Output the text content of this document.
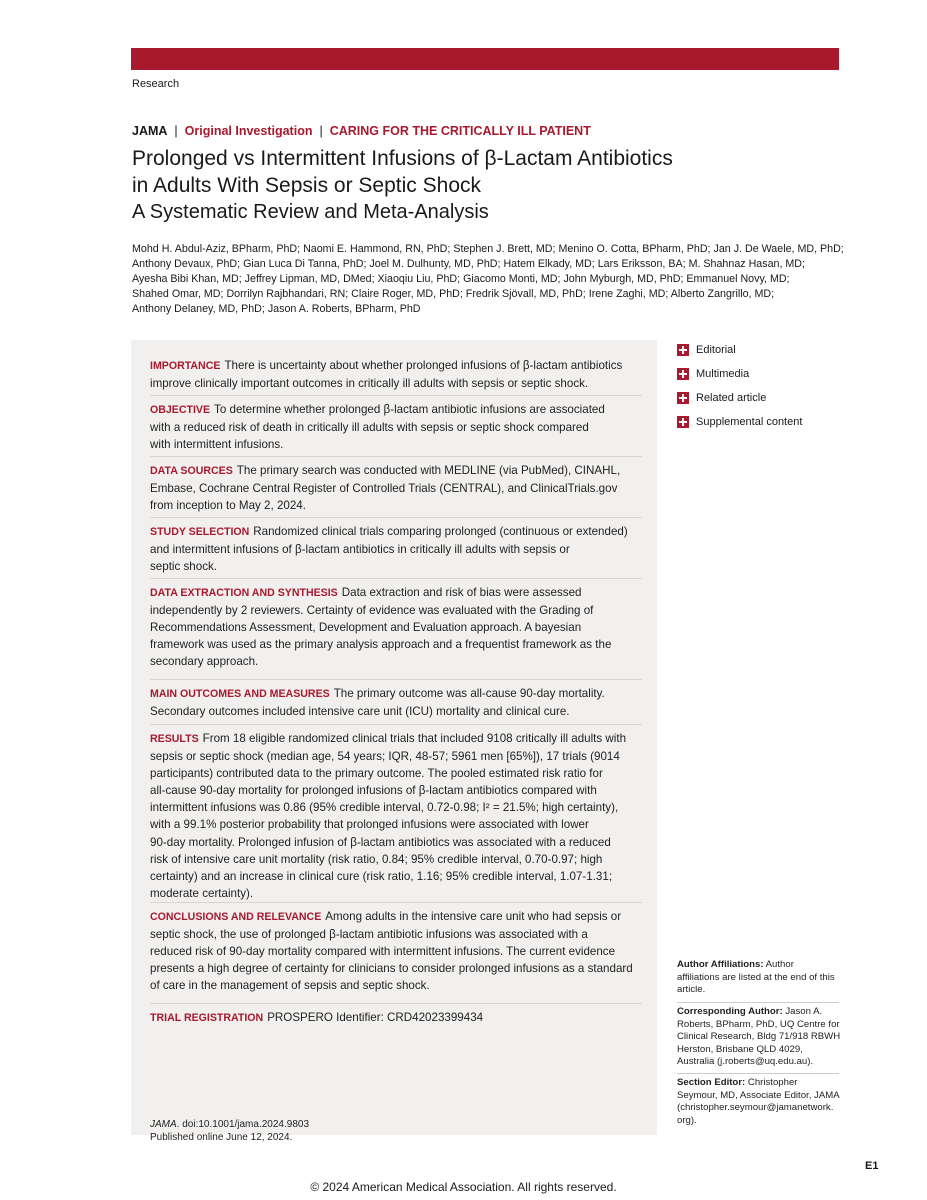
Research
JAMA | Original Investigation | CARING FOR THE CRITICALLY ILL PATIENT
Prolonged vs Intermittent Infusions of β-Lactam Antibiotics
in Adults With Sepsis or Septic Shock
A Systematic Review and Meta-Analysis
Mohd H. Abdul-Aziz, BPharm, PhD; Naomi E. Hammond, RN, PhD; Stephen J. Brett, MD; Menino O. Cotta, BPharm, PhD; Jan J. De Waele, MD, PhD;
Anthony Devaux, PhD; Gian Luca Di Tanna, PhD; Joel M. Dulhunty, MD, PhD; Hatem Elkady, MD; Lars Eriksson, BA; M. Shahnaz Hasan, MD;
Ayesha Bibi Khan, MD; Jeffrey Lipman, MD, DMed; Xiaoqiu Liu, PhD; Giacomo Monti, MD; John Myburgh, MD, PhD; Emmanuel Novy, MD;
Shahed Omar, MD; Dorrilyn Rajbhandari, RN; Claire Roger, MD, PhD; Fredrik Sjövall, MD, PhD; Irene Zaghi, MD; Alberto Zangrillo, MD;
Anthony Delaney, MD, PhD; Jason A. Roberts, BPharm, PhD
JAMA. doi:10.1001/jama.2024.9803
Published online June 12, 2024.
IMPORTANCE There is uncertainty about whether prolonged infusions of β-lactam antibiotics
improve clinically important outcomes in critically ill adults with sepsis or septic shock.
OBJECTIVE To determine whether prolonged β-lactam antibiotic infusions are associated
with a reduced risk of death in critically ill adults with sepsis or septic shock compared
with intermittent infusions.
DATA SOURCES The primary search was conducted with MEDLINE (via PubMed), CINAHL,
Embase, Cochrane Central Register of Controlled Trials (CENTRAL), and ClinicalTrials.gov
from inception to May 2, 2024.
STUDY SELECTION Randomized clinical trials comparing prolonged (continuous or extended)
and intermittent infusions of β-lactam antibiotics in critically ill adults with sepsis or
septic shock.
DATA EXTRACTION AND SYNTHESIS Data extraction and risk of bias were assessed
independently by 2 reviewers. Certainty of evidence was evaluated with the Grading of
Recommendations Assessment, Development and Evaluation approach. A bayesian
framework was used as the primary analysis approach and a frequentist framework as the
secondary approach.
MAIN OUTCOMES AND MEASURES The primary outcome was all-cause 90-day mortality.
Secondary outcomes included intensive care unit (ICU) mortality and clinical cure.
RESULTS From 18 eligible randomized clinical trials that included 9108 critically ill adults with
sepsis or septic shock (median age, 54 years; IQR, 48-57; 5961 men [65%]), 17 trials (9014
participants) contributed data to the primary outcome. The pooled estimated risk ratio for
all-cause 90-day mortality for prolonged infusions of β-lactam antibiotics compared with
intermittent infusions was 0.86 (95% credible interval, 0.72-0.98; I² = 21.5%; high certainty),
with a 99.1% posterior probability that prolonged infusions were associated with lower
90-day mortality. Prolonged infusion of β-lactam antibiotics was associated with a reduced
risk of intensive care unit mortality (risk ratio, 0.84; 95% credible interval, 0.70-0.97; high
certainty) and an increase in clinical cure (risk ratio, 1.16; 95% credible interval, 1.07-1.31;
moderate certainty).
CONCLUSIONS AND RELEVANCE Among adults in the intensive care unit who had sepsis or
septic shock, the use of prolonged β-lactam antibiotic infusions was associated with a
reduced risk of 90-day mortality compared with intermittent infusions. The current evidence
presents a high degree of certainty for clinicians to consider prolonged infusions as a standard
of care in the management of sepsis and septic shock.
TRIAL REGISTRATION PROSPERO Identifier: CRD42023399434
Editorial
Multimedia
Related article
Supplemental content
Author Affiliations: Author
affiliations are listed at the end of this
article.
Corresponding Author: Jason A.
Roberts, BPharm, PhD, UQ Centre for
Clinical Research, Bldg 71/918 RBWH
Herston, Brisbane QLD 4029,
Australia (j.roberts@uq.edu.au).
Section Editor: Christopher
Seymour, MD, Associate Editor, JAMA
(christopher.seymour@jamanetwork.
org).
E1
© 2024 American Medical Association. All rights reserved.
